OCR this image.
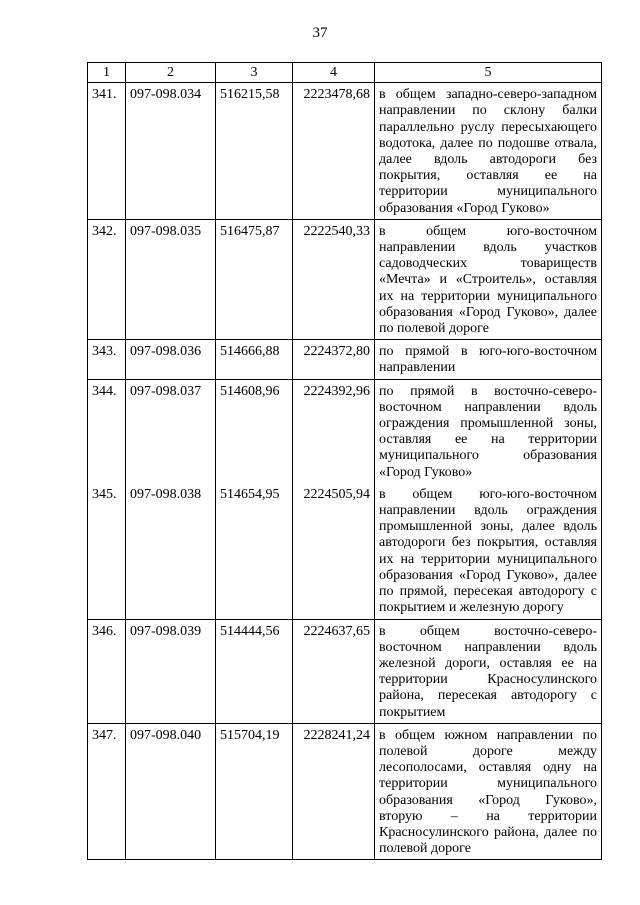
37
1	2	3	4	5
341.	097-098.034	516215,58	2223478,68	в общем западно-северо-западном направлении по склону балки параллельно руслу пересыхающего водотока, далее по подошве отвала, далее вдоль автодороги без покрытия, оставляя ее на территории муниципального образования «Город Гуково»
342.	097-098.035	516475,87	2222540,33	в общем юго-восточном направлении вдоль участков садоводческих товариществ «Мечта» и «Строитель», оставляя их на территории муниципального образования «Город Гуково», далее по полевой дороге
343.	097-098.036	514666,88	2224372,80	по прямой в юго-юго-восточном направлении
344.	097-098.037	514608,96	2224392,96	по прямой в восточно-северо-восточном направлении вдоль ограждения промышленной зоны, оставляя ее на территории муниципального образования «Город Гуково»
345.	097-098.038	514654,95	2224505,94	в общем юго-юго-восточном направлении вдоль ограждения промышленной зоны, далее вдоль автодороги без покрытия, оставляя их на территории муниципального образования «Город Гуково», далее по прямой, пересекая автодорогу с покрытием и железную дорогу
346.	097-098.039	514444,56	2224637,65	в общем восточно-северо-восточном направлении вдоль железной дороги, оставляя ее на территории Красносулинского района, пересекая автодорогу с покрытием
347.	097-098.040	515704,19	2228241,24	в общем южном направлении по полевой дороге между лесополосами, оставляя одну на территории муниципального образования «Город Гуково», вторую – на территории Красносулинского района, далее по полевой дороге
